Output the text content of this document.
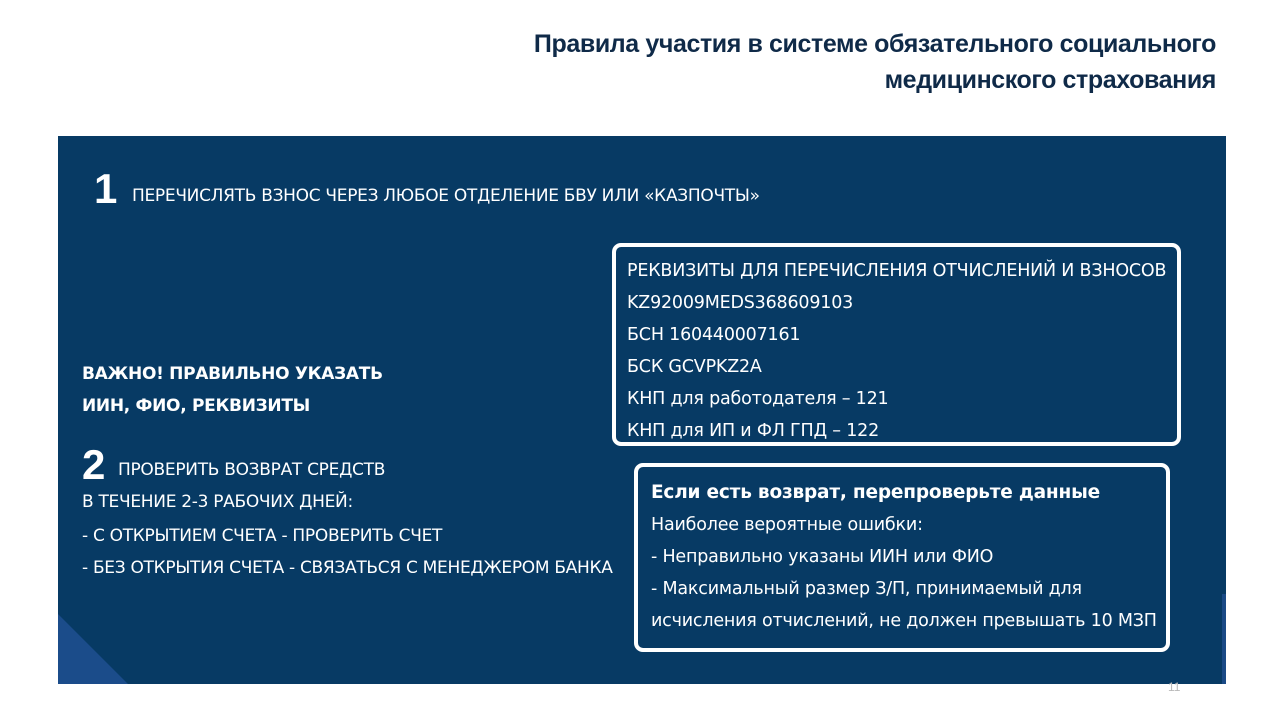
Правила участия в системе обязательного социального
медицинского страхования
1 ПЕРЕЧИСЛЯТЬ ВЗНОС ЧЕРЕЗ ЛЮБОЕ ОТДЕЛЕНИЕ БВУ ИЛИ «КАЗПОЧТЫ»
ВАЖНО! ПРАВИЛЬНО УКАЗАТЬ
ИИН, ФИО, РЕКВИЗИТЫ
2 ПРОВЕРИТЬ ВОЗВРАТ СРЕДСТВ
В ТЕЧЕНИЕ 2-3 РАБОЧИХ ДНЕЙ:
- С ОТКРЫТИЕМ СЧЕТА - ПРОВЕРИТЬ СЧЕТ
- БЕЗ ОТКРЫТИЯ СЧЕТА - СВЯЗАТЬСЯ С МЕНЕДЖЕРОМ БАНКА
РЕКВИЗИТЫ ДЛЯ ПЕРЕЧИСЛЕНИЯ ОТЧИСЛЕНИЙ И ВЗНОСОВ
KZ92009MEDS368609103
БСН 160440007161
БСК GCVPKZ2A
КНП для работодателя – 121
КНП для ИП и ФЛ ГПД – 122
Если есть возврат, перепроверьте данные
Наиболее вероятные ошибки:
- Неправильно указаны ИИН или ФИО
- Максимальный размер З/П, принимаемый для
исчисления отчислений, не должен превышать 10 МЗП
11
